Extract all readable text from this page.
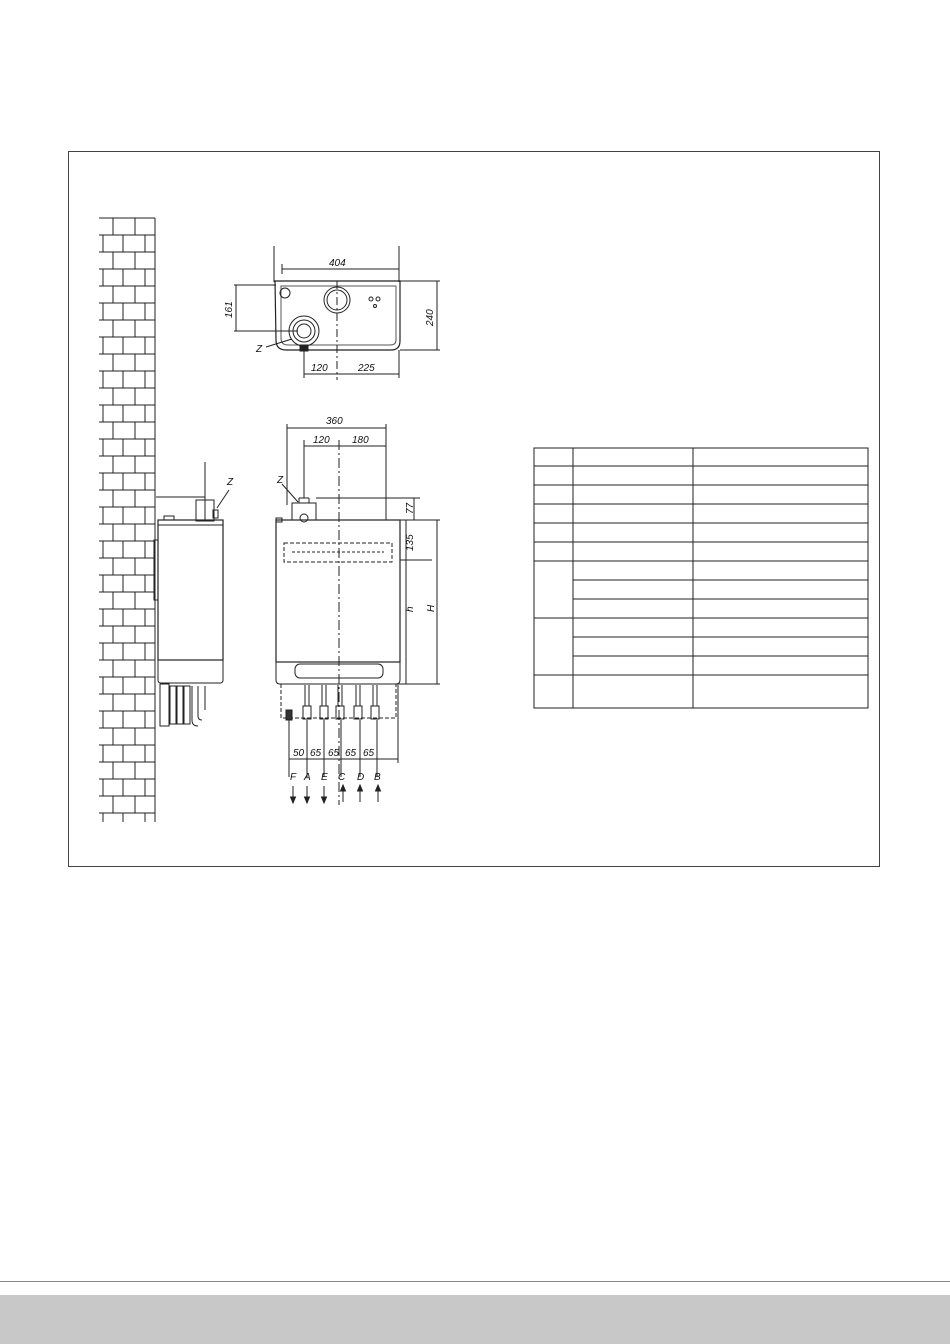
404
161	240
120	225
Z
Z
360
120 180
Z
77
135
h H
50 65 65 65 65
F A E C D B
